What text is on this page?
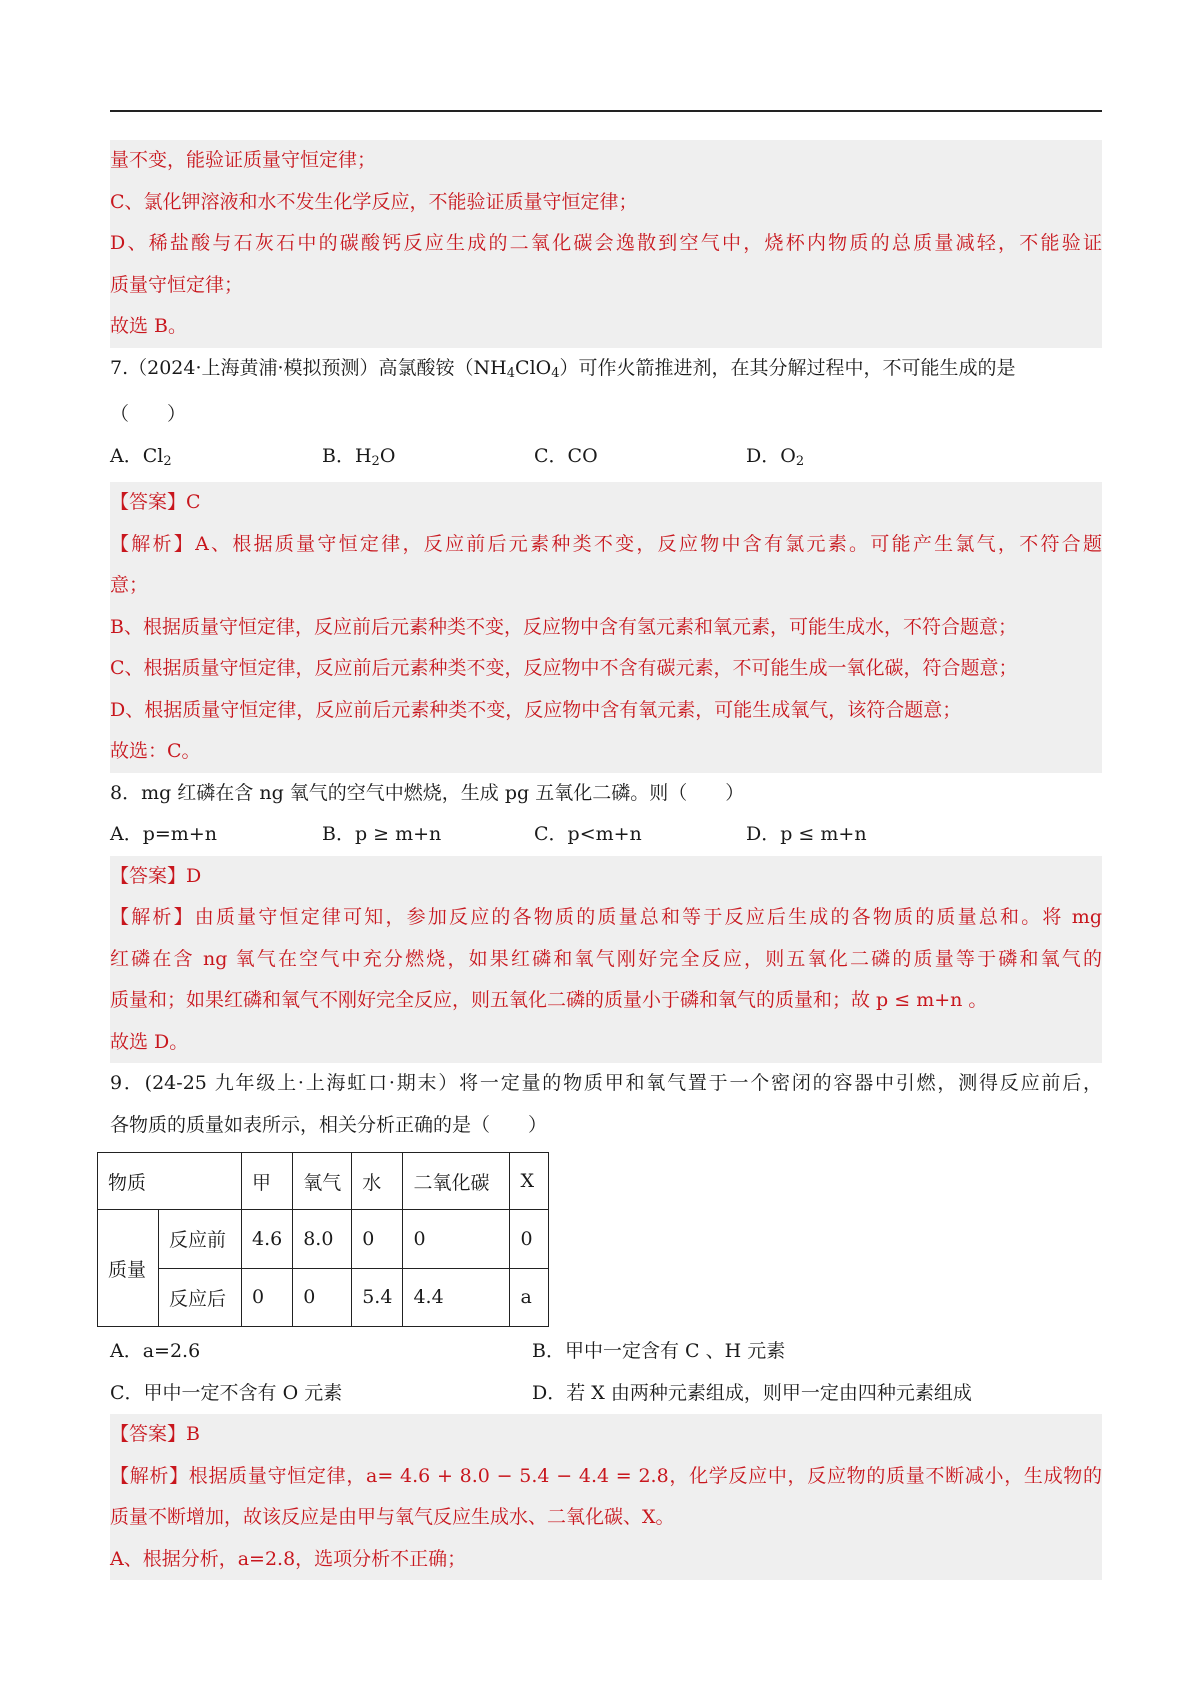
量不变，能验证质量守恒定律；
C、氯化钾溶液和水不发生化学反应，不能验证质量守恒定律；
D、稀盐酸与石灰石中的碳酸钙反应生成的二氧化碳会逸散到空气中，烧杯内物质的总质量减轻，不能验证
质量守恒定律；
故选 B。
7.（2024·上海黄浦·模拟预测）高氯酸铵$(NH_4ClO_4)$可作火箭推进剂，在其分解过程中，不可能生成的是
（　　）
A．$Cl_2$	B．$H_2O$	C．CO	D．$O_2$
【答案】C
【解析】A、根据质量守恒定律，反应前后元素种类不变，反应物中含有氯元素。可能产生氯气，不符合题
意；
B、根据质量守恒定律，反应前后元素种类不变，反应物中含有氢元素和氧元素，可能生成水，不符合题意；
C、根据质量守恒定律，反应前后元素种类不变，反应物中不含有碳元素，不可能生成一氧化碳，符合题意；
D、根据质量守恒定律，反应前后元素种类不变，反应物中含有氧元素，可能生成氧气，该符合题意；
故选：C。
8．mg 红磷在含 ng 氧气的空气中燃烧，生成 pg 五氧化二磷。则（　　）
A．p=m+n	B．p ≥ m+n	C．p<m+n	D．p ≤ m+n
【答案】D
【解析】由质量守恒定律可知，参加反应的各物质的质量总和等于反应后生成的各物质的质量总和。将 mg
红磷在含 ng 氧气在空气中充分燃烧，如果红磷和氧气刚好完全反应，则五氧化二磷的质量等于磷和氧气的
质量和；如果红磷和氧气不刚好完全反应，则五氧化二磷的质量小于磷和氧气的质量和；故 p ≤ m+n 。
故选 D。
9．(24-25 九年级上·上海虹口·期末）将一定量的物质甲和氧气置于一个密闭的容器中引燃，测得反应前后，
各物质的质量如表所示，相关分析正确的是（　　）
物质		甲	氧气	水	二氧化碳	X
质量	反应前	4.6	8.0	0	0	0
	反应后	0	0	5.4	4.4	a
A．a=2.6	B．甲中一定含有 C 、H 元素
C．甲中一定不含有 O 元素	D．若 X 由两种元素组成，则甲一定由四种元素组成
【答案】B
【解析】根据质量守恒定律，a= 4.6 + 8.0 − 5.4 − 4.4 = 2.8，化学反应中，反应物的质量不断减小，生成物的
质量不断增加，故该反应是由甲与氧气反应生成水、二氧化碳、X。
A、根据分析，a=2.8，选项分析不正确；
